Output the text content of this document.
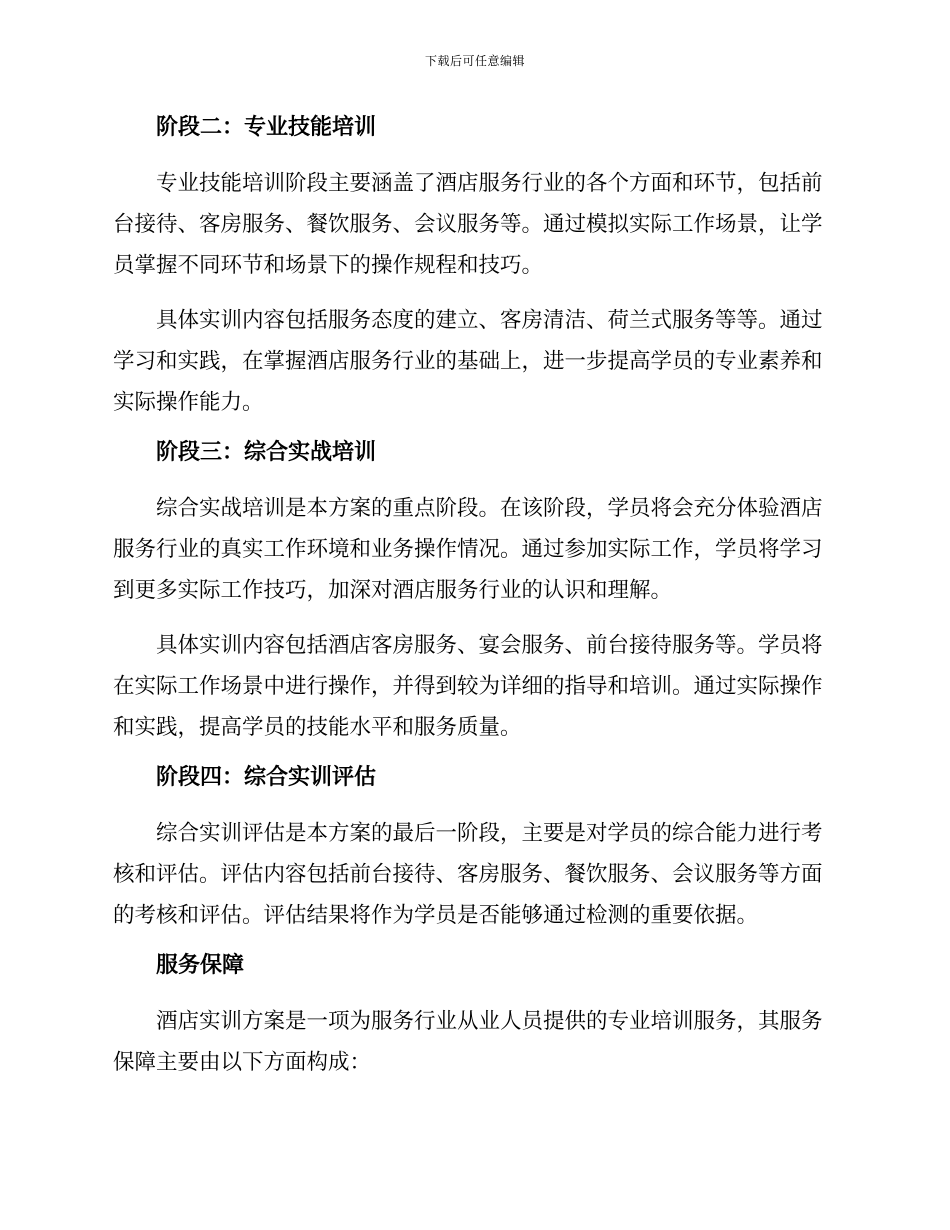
下载后可任意编辑
阶段二：专业技能培训

专业技能培训阶段主要涵盖了酒店服务行业的各个方面和环节，包括前台接待、客房服务、餐饮服务、会议服务等。通过模拟实际工作场景，让学员掌握不同环节和场景下的操作规程和技巧。

具体实训内容包括服务态度的建立、客房清洁、荷兰式服务等等。通过学习和实践，在掌握酒店服务行业的基础上，进一步提高学员的专业素养和实际操作能力。

阶段三：综合实战培训

综合实战培训是本方案的重点阶段。在该阶段，学员将会充分体验酒店服务行业的真实工作环境和业务操作情况。通过参加实际工作，学员将学习到更多实际工作技巧，加深对酒店服务行业的认识和理解。

具体实训内容包括酒店客房服务、宴会服务、前台接待服务等。学员将在实际工作场景中进行操作，并得到较为详细的指导和培训。通过实际操作和实践，提高学员的技能水平和服务质量。

阶段四：综合实训评估

综合实训评估是本方案的最后一阶段，主要是对学员的综合能力进行考核和评估。评估内容包括前台接待、客房服务、餐饮服务、会议服务等方面的考核和评估。评估结果将作为学员是否能够通过检测的重要依据。

服务保障

酒店实训方案是一项为服务行业从业人员提供的专业培训服务，其服务保障主要由以下方面构成：
